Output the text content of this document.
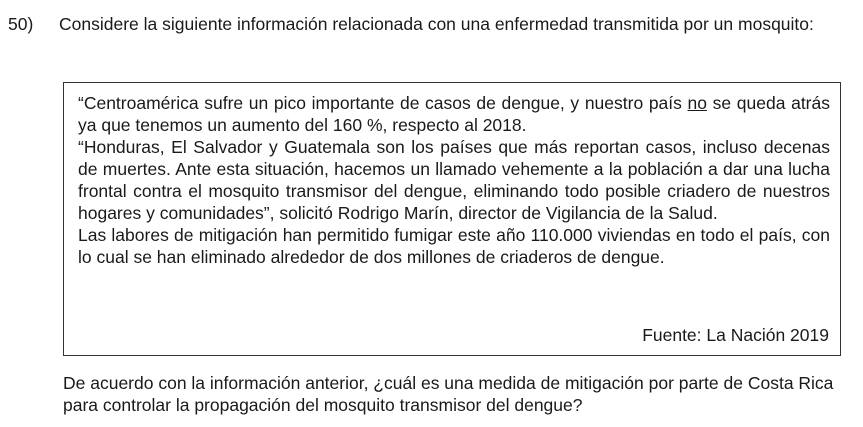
50) Considere la siguiente información relacionada con una enfermedad transmitida por un mosquito:

“Centroamérica sufre un pico importante de casos de dengue, y nuestro país no se queda atrás ya que tenemos un aumento del 160 %, respecto al 2018.

“Honduras, El Salvador y Guatemala son los países que más reportan casos, incluso decenas de muertes. Ante esta situación, hacemos un llamado vehemente a la población a dar una lucha frontal contra el mosquito transmisor del dengue, eliminando todo posible criadero de nuestros hogares y comunidades”, solicitó Rodrigo Marín, director de Vigilancia de la Salud.

Las labores de mitigación han permitido fumigar este año 110.000 viviendas en todo el país, con lo cual se han eliminado alrededor de dos millones de criaderos de dengue.

Fuente: La Nación 2019
De acuerdo con la información anterior, ¿cuál es una medida de mitigación por parte de Costa Rica para controlar la propagación del mosquito transmisor del dengue?
